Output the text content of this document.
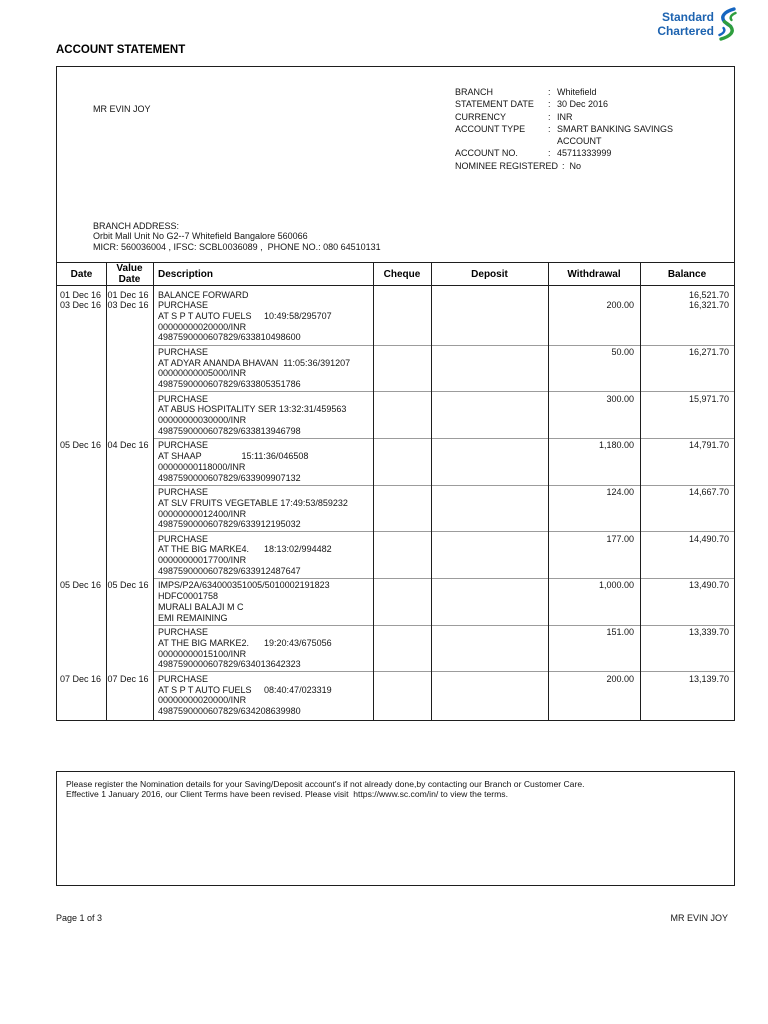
Standard
Chartered
ACCOUNT STATEMENT
MR EVIN JOY
BRANCH	: Whitefield
STATEMENT DATE	: 30 Dec 2016
CURRENCY	: INR
ACCOUNT TYPE	: SMART BANKING SAVINGS ACCOUNT
ACCOUNT NO.	: 45711333999
NOMINEE REGISTERED : No
BRANCH ADDRESS:
Orbit Mall Unit No G2--7 Whitefield Bangalore 560066
MICR: 560036004 , IFSC: SCBL0036089 ,  PHONE NO.: 080 64510131
Date	Value Date	Description	Cheque	Deposit	Withdrawal	Balance
01 Dec 16 01 Dec 16	BALANCE FORWARD	16,521.70
03 Dec 16 03 Dec 16	PURCHASE
AT S P T AUTO FUELS     10:49:58/295707
00000000020000/INR
4987590000607829/633810498600
200.00	16,321.70
PURCHASE
AT ADYAR ANANDA BHAVAN  11:05:36/391207
00000000005000/INR
4987590000607829/633805351786
50.00	16,271.70
PURCHASE
AT ABUS HOSPITALITY SER 13:32:31/459563
00000000030000/INR
4987590000607829/633813946798
300.00	15,971.70
05 Dec 16 04 Dec 16	PURCHASE
AT SHAAP                15:11:36/046508
00000000118000/INR
4987590000607829/633909907132
1,180.00	14,791.70
PURCHASE
AT SLV FRUITS VEGETABLE 17:49:53/859232
00000000012400/INR
4987590000607829/633912195032
124.00	14,667.70
PURCHASE
AT THE BIG MARKE4.      18:13:02/994482
00000000017700/INR
4987590000607829/633912487647
177.00	14,490.70
05 Dec 16 05 Dec 16	IMPS/P2A/634000351005/5010002191823
HDFC0001758
MURALI BALAJI M C
EMI REMAINING
1,000.00	13,490.70
PURCHASE
AT THE BIG MARKE2.      19:20:43/675056
00000000015100/INR
4987590000607829/634013642323
151.00	13,339.70
07 Dec 16 07 Dec 16	PURCHASE
AT S P T AUTO FUELS     08:40:47/023319
00000000020000/INR
4987590000607829/634208639980
200.00	13,139.70
Please register the Nomination details for your Saving/Deposit account's if not already done,by contacting our Branch or Customer Care.
Effective 1 January 2016, our Client Terms have been revised. Please visit  https://www.sc.com/in/ to view the terms.
Page 1 of 3	MR EVIN JOY
